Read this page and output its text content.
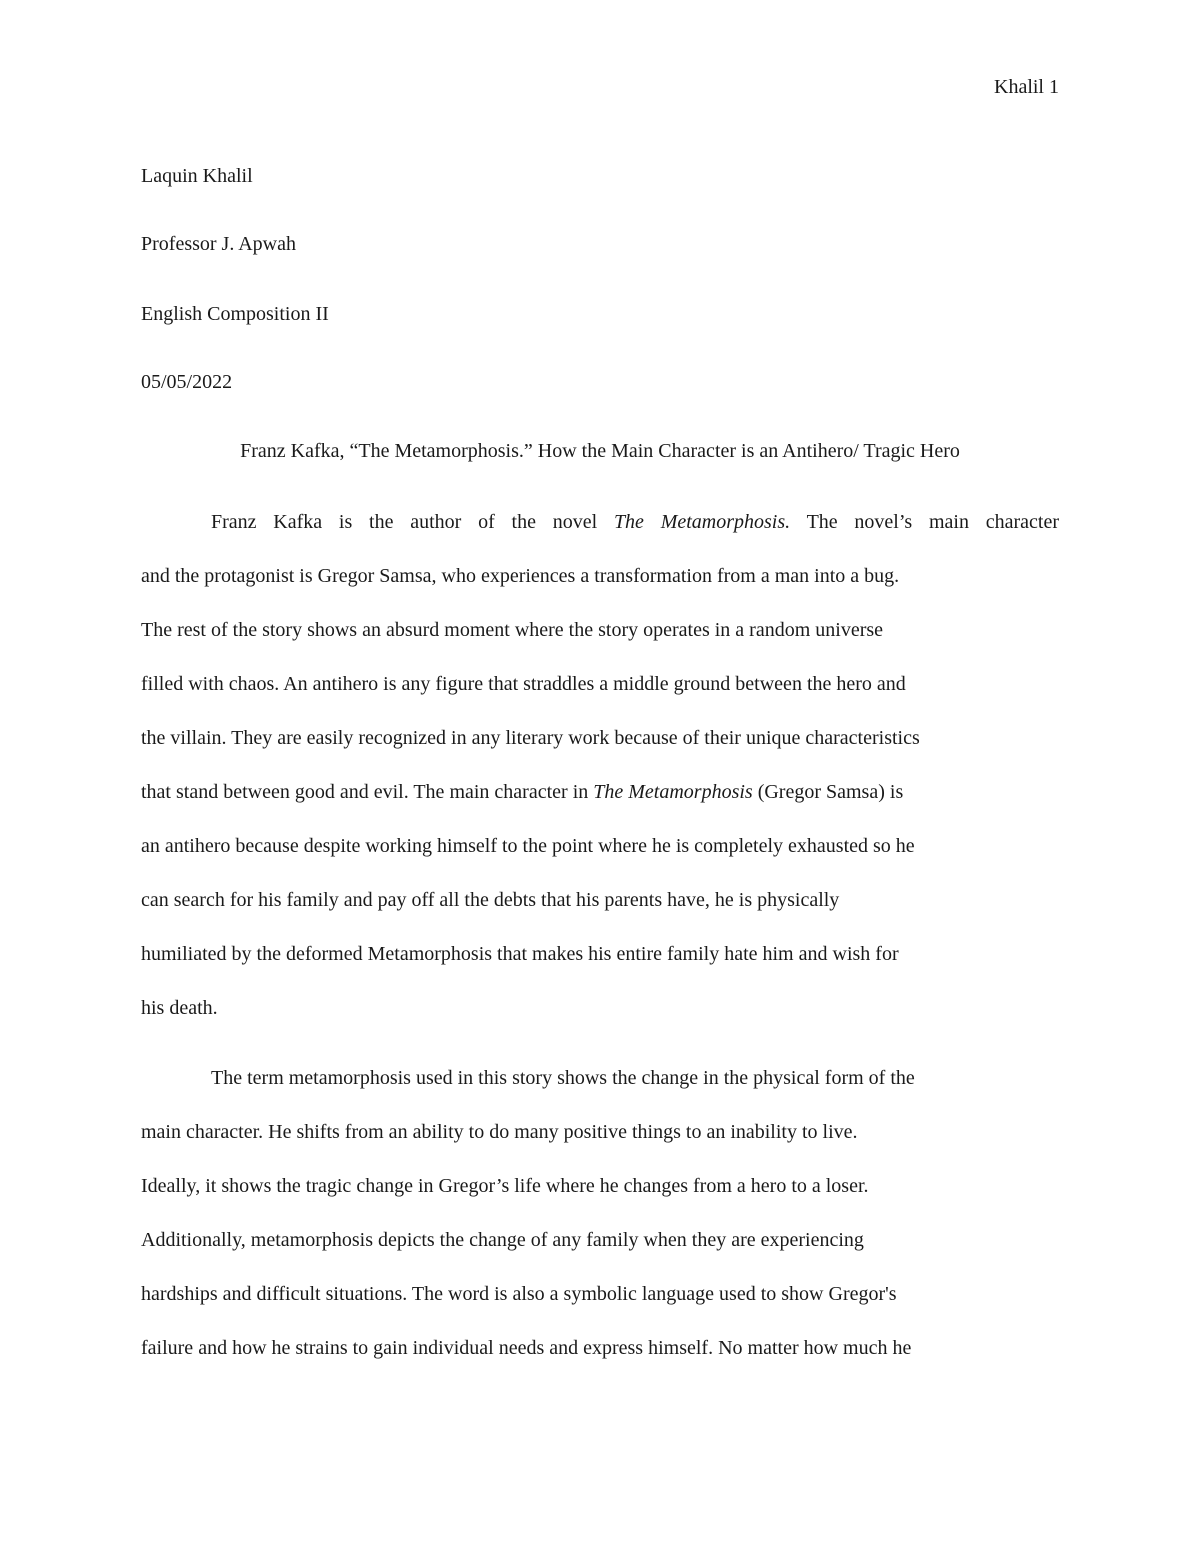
Khalil 1
Laquin Khalil
Professor J. Apwah
English Composition II
05/05/2022
Franz Kafka, “The Metamorphosis.” How the Main Character is an Antihero/ Tragic Hero
Franz Kafka is the author of the novel The Metamorphosis. The novel’s main character
and the protagonist is Gregor Samsa, who experiences a transformation from a man into a bug.
The rest of the story shows an absurd moment where the story operates in a random universe
filled with chaos. An antihero is any figure that straddles a middle ground between the hero and
the villain. They are easily recognized in any literary work because of their unique characteristics
that stand between good and evil. The main character in The Metamorphosis (Gregor Samsa) is
an antihero because despite working himself to the point where he is completely exhausted so he
can search for his family and pay off all the debts that his parents have, he is physically
humiliated by the deformed Metamorphosis that makes his entire family hate him and wish for
his death.
The term metamorphosis used in this story shows the change in the physical form of the
main character. He shifts from an ability to do many positive things to an inability to live.
Ideally, it shows the tragic change in Gregor’s life where he changes from a hero to a loser.
Additionally, metamorphosis depicts the change of any family when they are experiencing
hardships and difficult situations. The word is also a symbolic language used to show Gregor's
failure and how he strains to gain individual needs and express himself. No matter how much he
